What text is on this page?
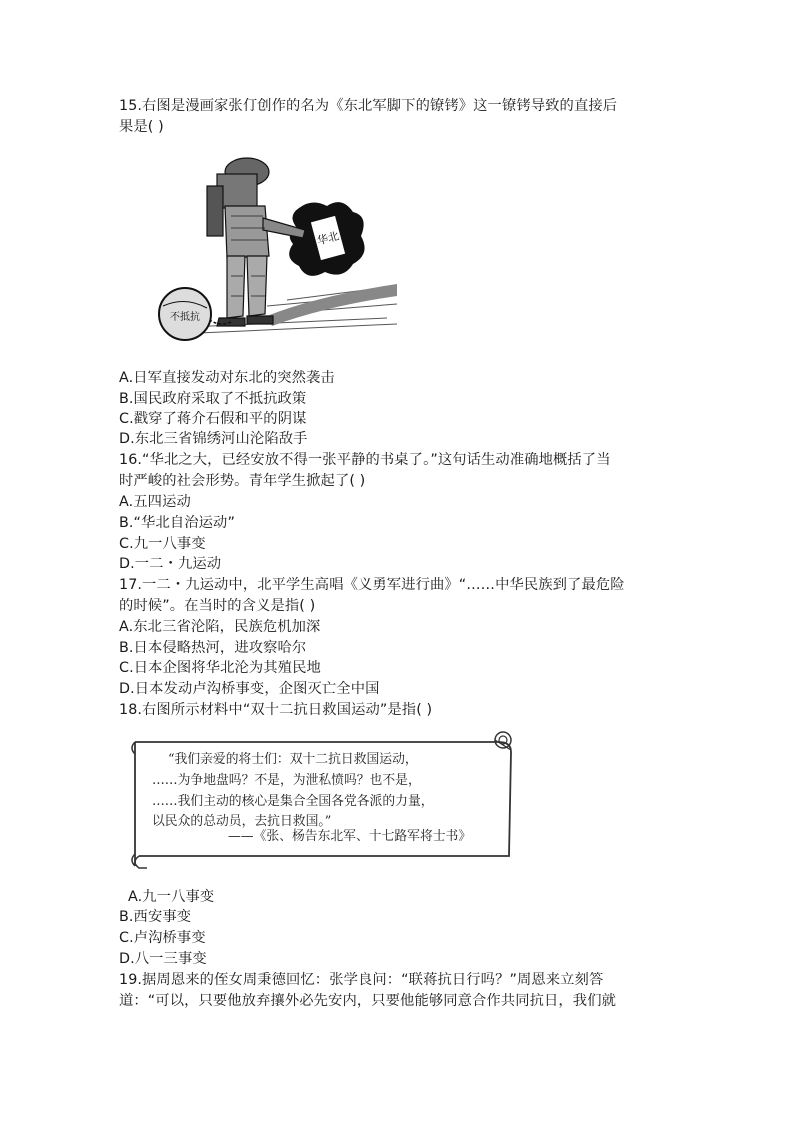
15.右图是漫画家张仃创作的名为《东北军脚下的镣铐》这一镣铐导致的直接后
果是( )
华北
不抵抗
A.日军直接发动对东北的突然袭击
B.国民政府采取了不抵抗政策
C.戳穿了蒋介石假和平的阴谋
D.东北三省锦绣河山沦陷敌手
16.“华北之大，已经安放不得一张平静的书桌了。”这句话生动准确地概括了当
时严峻的社会形势。青年学生掀起了( )
A.五四运动
B.“华北自治运动”
C.九一八事变
D.一二・九运动
17.一二・九运动中，北平学生高唱《义勇军进行曲》“……中华民族到了最危险
的时候”。在当时的含义是指( )
A.东北三省沦陷，民族危机加深
B.日本侵略热河，进攻察哈尔
C.日本企图将华北沦为其殖民地
D.日本发动卢沟桥事变，企图灭亡全中国
18.右图所示材料中“双十二抗日救国运动”是指( )
“我们亲爱的将士们：双十二抗日救国运动，
……为争地盘吗？不是，为泄私愤吗？也不是，
……我们主动的核心是集合全国各党各派的力量，
以民众的总动员，去抗日救国。”
——《张、杨告东北军、十七路军将士书》
A.九一八事变
B.西安事变
C.卢沟桥事变
D.八一三事变
19.据周恩来的侄女周秉德回忆：张学良问：“联蒋抗日行吗？”周恩来立刻答
道：“可以，只要他放弃攘外必先安内，只要他能够同意合作共同抗日，我们就
